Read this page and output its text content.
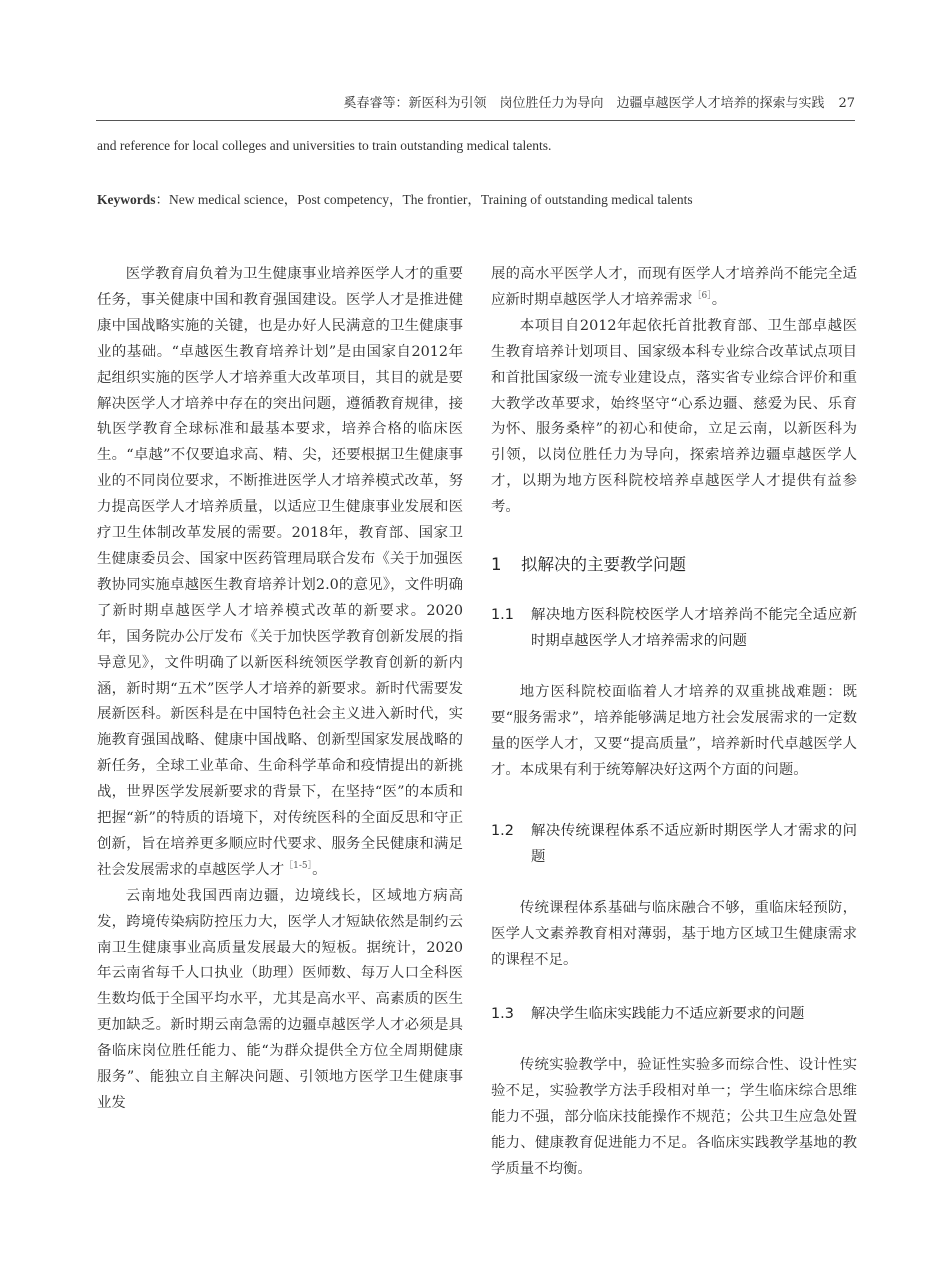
奚春睿等：新医科为引领　岗位胜任力为导向　边疆卓越医学人才培养的探索与实践 27
and reference for local colleges and universities to train outstanding medical talents.
Keywords：New medical science，Post competency，The frontier，Training of outstanding medical talents

医学教育肩负着为卫生健康事业培养医学人才的重要任务，事关健康中国和教育强国建设。医学人才是推进健康中国战略实施的关键，也是办好人民满意的卫生健康事业的基础。“卓越医生教育培养计划”是由国家自2012年起组织实施的医学人才培养重大改革项目，其目的就是要解决医学人才培养中存在的突出问题，遵循教育规律，接轨医学教育全球标准和最基本要求，培养合格的临床医生。“卓越”不仅要追求高、精、尖，还要根据卫生健康事业的不同岗位要求，不断推进医学人才培养模式改革，努力提高医学人才培养质量，以适应卫生健康事业发展和医疗卫生体制改革发展的需要。2018年，教育部、国家卫生健康委员会、国家中医药管理局联合发布《关于加强医教协同实施卓越医生教育培养计划2.0的意见》，文件明确了新时期卓越医学人才培养模式改革的新要求。2020年，国务院办公厅发布《关于加快医学教育创新发展的指导意见》，文件明确了以新医科统领医学教育创新的新内涵，新时期“五术”医学人才培养的新要求。新时代需要发展新医科。新医科是在中国特色社会主义进入新时代，实施教育强国战略、健康中国战略、创新型国家发展战略的新任务，全球工业革命、生命科学革命和疫情提出的新挑战，世界医学发展新要求的背景下，在坚持“医”的本质和把握“新”的特质的语境下，对传统医科的全面反思和守正创新，旨在培养更多顺应时代要求、服务全民健康和满足社会发展需求的卓越医学人才$^{[1-5]}$。

云南地处我国西南边疆，边境线长，区域地方病高发，跨境传染病防控压力大，医学人才短缺依然是制约云南卫生健康事业高质量发展最大的短板。据统计，2020年云南省每千人口执业（助理）医师数、每万人口全科医生数均低于全国平均水平，尤其是高水平、高素质的医生更加缺乏。新时期云南急需的边疆卓越医学人才必须是具备临床岗位胜任能力、能“为群众提供全方位全周期健康服务”、能独立自主解决问题、引领地方医学卫生健康事业发

展的高水平医学人才，而现有医学人才培养尚不能完全适应新时期卓越医学人才培养需求$^{[6]}$。

本项目自2012年起依托首批教育部、卫生部卓越医生教育培养计划项目、国家级本科专业综合改革试点项目和首批国家级一流专业建设点，落实省专业综合评价和重大教学改革要求，始终坚守“心系边疆、慈爱为民、乐育为怀、服务桑梓”的初心和使命，立足云南，以新医科为引领，以岗位胜任力为导向，探索培养边疆卓越医学人才，以期为地方医科院校培养卓越医学人才提供有益参考。

1 拟解决的主要教学问题
1.1	解决地方医科院校医学人才培养尚不能完全适应新时期卓越医学人才培养需求的问题

地方医科院校面临着人才培养的双重挑战难题：既要“服务需求”，培养能够满足地方社会发展需求的一定数量的医学人才，又要“提高质量”，培养新时代卓越医学人才。本成果有利于统筹解决好这两个方面的问题。

1.2	解决传统课程体系不适应新时期医学人才需求的问题

传统课程体系基础与临床融合不够，重临床轻预防，医学人文素养教育相对薄弱，基于地方区域卫生健康需求的课程不足。

1.3	解决学生临床实践能力不适应新要求的问题

传统实验教学中，验证性实验多而综合性、设计性实验不足，实验教学方法手段相对单一；学生临床综合思维能力不强，部分临床技能操作不规范；公共卫生应急处置能力、健康教育促进能力不足。各临床实践教学基地的教学质量不均衡。
